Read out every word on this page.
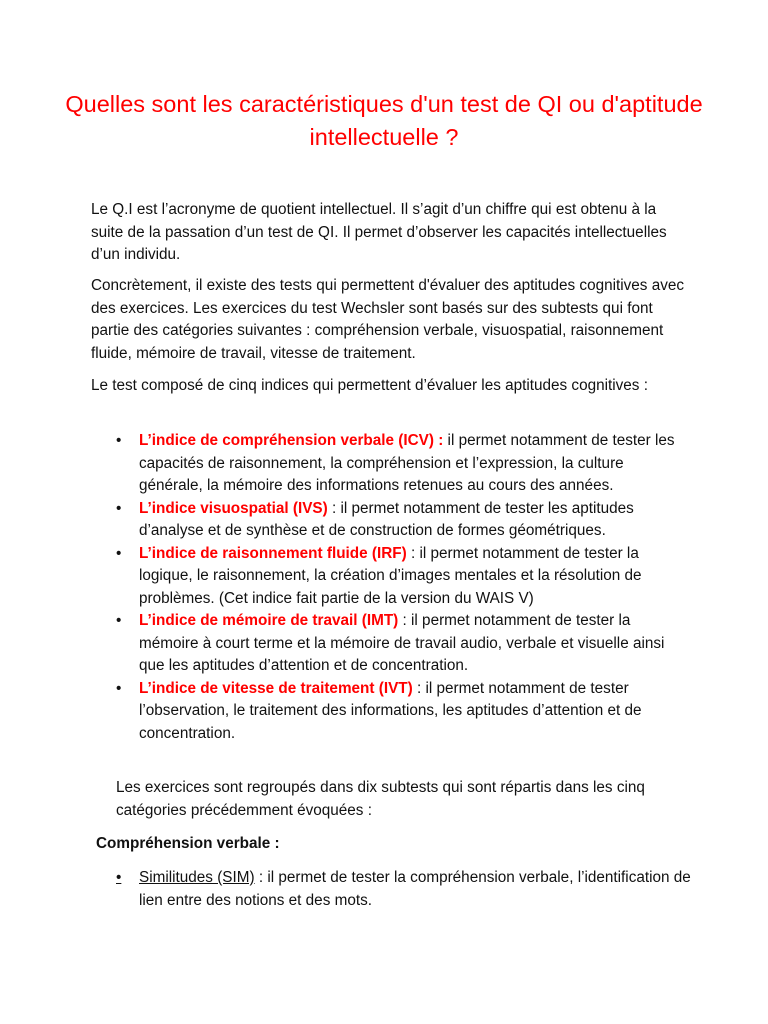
Quelles sont les caractéristiques d'un test de QI ou d'aptitude intellectuelle ?

Le Q.I est l’acronyme de quotient intellectuel. Il s’agit d’un chiffre qui est obtenu à la suite de la passation d’un test de QI. Il permet d’observer les capacités intellectuelles d’un individu.

Concrètement, il existe des tests qui permettent d'évaluer des aptitudes cognitives avec des exercices. Les exercices du test Wechsler sont basés sur des subtests qui font partie des catégories suivantes : compréhension verbale, visuospatial, raisonnement fluide, mémoire de travail, vitesse de traitement.

Le test composé de cinq indices qui permettent d’évaluer les aptitudes cognitives :

• L’indice de compréhension verbale (ICV) : il permet notamment de tester les capacités de raisonnement, la compréhension et l’expression, la culture générale, la mémoire des informations retenues au cours des années.
• L’indice visuospatial (IVS) : il permet notamment de tester les aptitudes d’analyse et de synthèse et de construction de formes géométriques.
• L’indice de raisonnement fluide (IRF) : il permet notamment de tester la logique, le raisonnement, la création d’images mentales et la résolution de problèmes. (Cet indice fait partie de la version du WAIS V)
• L’indice de mémoire de travail (IMT) : il permet notamment de tester la mémoire à court terme et la mémoire de travail audio, verbale et visuelle ainsi que les aptitudes d’attention et de concentration.
• L’indice de vitesse de traitement (IVT) : il permet notamment de tester l’observation, le traitement des informations, les aptitudes d’attention et de concentration.

Les exercices sont regroupés dans dix subtests qui sont répartis dans les cinq catégories précédemment évoquées :

Compréhension verbale :
• Similitudes (SIM) : il permet de tester la compréhension verbale, l’identification de lien entre des notions et des mots.
